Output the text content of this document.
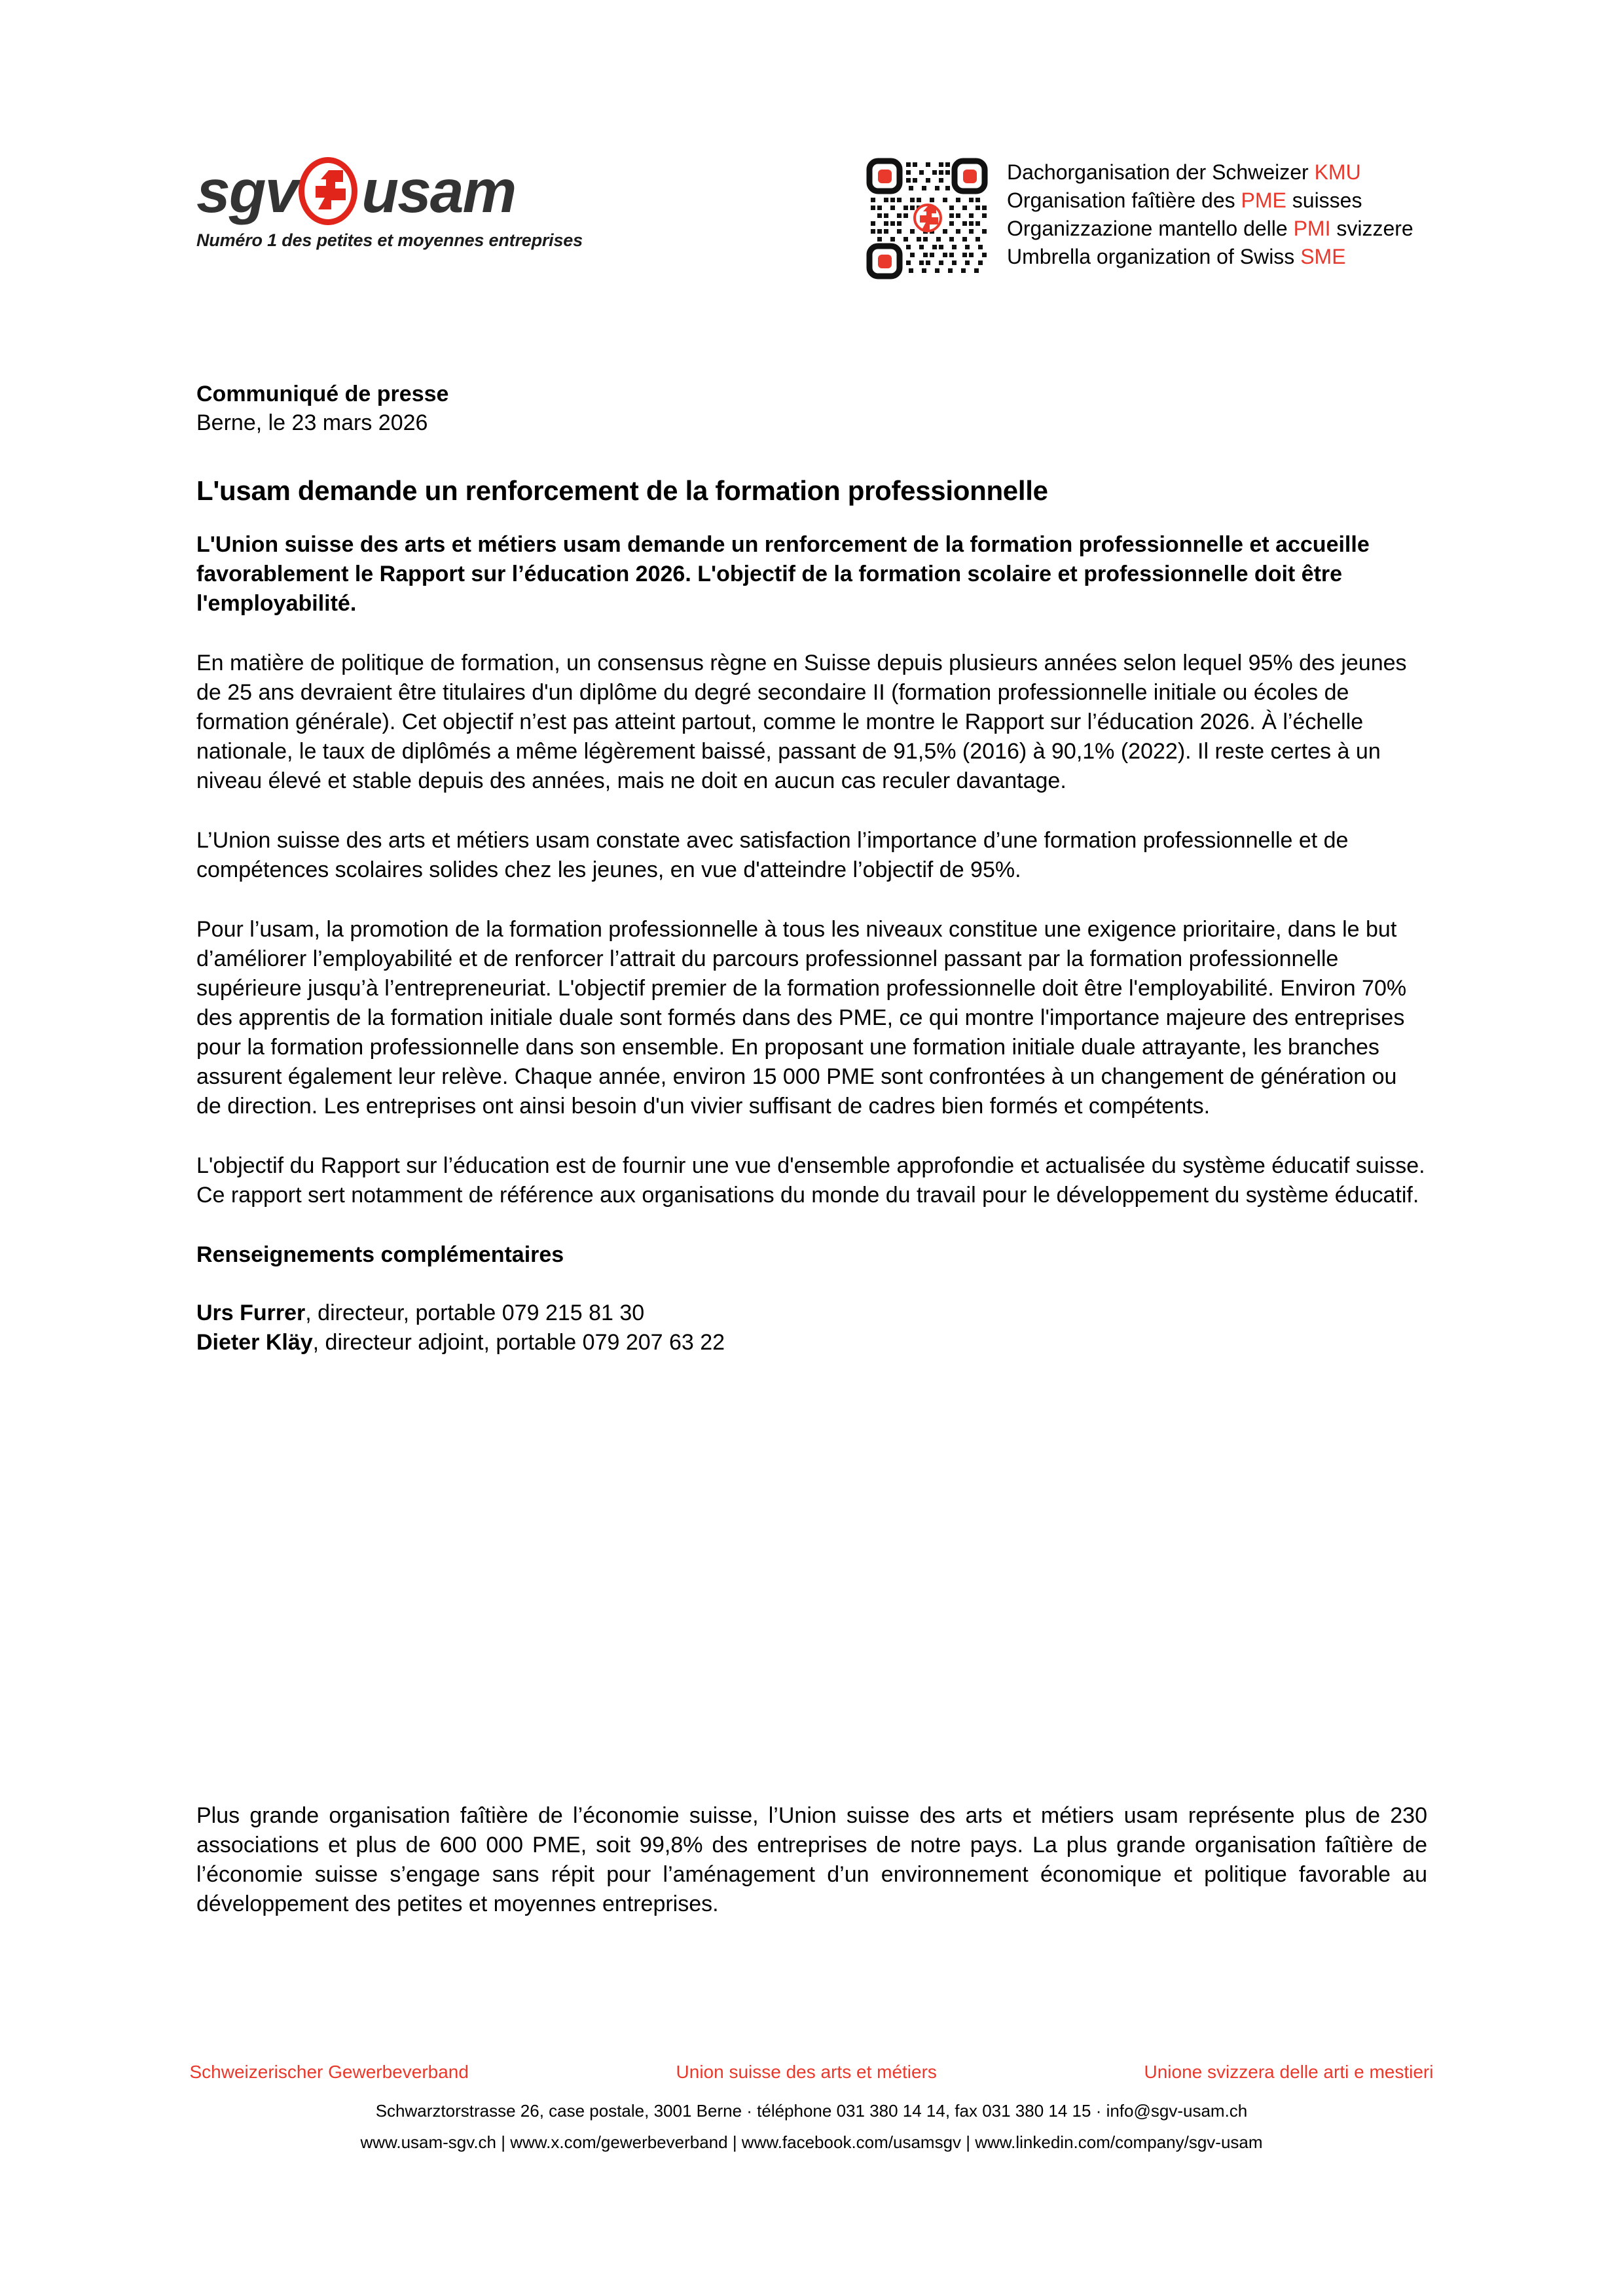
sgv usam
Numéro 1 des petites et moyennes entreprises
Dachorganisation der Schweizer KMU
Organisation faîtière des PME suisses
Organizzazione mantello delle PMI svizzere
Umbrella organization of Swiss SME
Communiqué de presse
Berne, le 23 mars 2026
L'usam demande un renforcement de la formation professionnelle
L'Union suisse des arts et métiers usam demande un renforcement de la formation professionnelle et accueille favorablement le Rapport sur l’éducation 2026. L'objectif de la formation scolaire et professionnelle doit être l'employabilité.

En matière de politique de formation, un consensus règne en Suisse depuis plusieurs années selon lequel 95% des jeunes de 25 ans devraient être titulaires d'un diplôme du degré secondaire II (formation professionnelle initiale ou écoles de formation générale). Cet objectif n’est pas atteint partout, comme le montre le Rapport sur l’éducation 2026. À l’échelle nationale, le taux de diplômés a même légèrement baissé, passant de 91,5% (2016) à 90,1% (2022). Il reste certes à un niveau élevé et stable depuis des années, mais ne doit en aucun cas reculer davantage.

L’Union suisse des arts et métiers usam constate avec satisfaction l’importance d’une formation professionnelle et de compétences scolaires solides chez les jeunes, en vue d'atteindre l’objectif de 95%.

Pour l’usam, la promotion de la formation professionnelle à tous les niveaux constitue une exigence prioritaire, dans le but d’améliorer l’employabilité et de renforcer l’attrait du parcours professionnel passant par la formation professionnelle supérieure jusqu’à l’entrepreneuriat. L'objectif premier de la formation professionnelle doit être l'employabilité. Environ 70% des apprentis de la formation initiale duale sont formés dans des PME, ce qui montre l'importance majeure des entreprises pour la formation professionnelle dans son ensemble. En proposant une formation initiale duale attrayante, les branches assurent également leur relève. Chaque année, environ 15 000 PME sont confrontées à un changement de génération ou de direction. Les entreprises ont ainsi besoin d'un vivier suffisant de cadres bien formés et compétents.

L'objectif du Rapport sur l’éducation est de fournir une vue d'ensemble approfondie et actualisée du système éducatif suisse. Ce rapport sert notamment de référence aux organisations du monde du travail pour le développement du système éducatif.

Renseignements complémentaires
Urs Furrer, directeur, portable 079 215 81 30
Dieter Kläy, directeur adjoint, portable 079 207 63 22
Plus grande organisation faîtière de l’économie suisse, l’Union suisse des arts et métiers usam représente plus de 230 associations et plus de 600 000 PME, soit 99,8% des entreprises de notre pays. La plus grande organisation faîtière de l’économie suisse s’engage sans répit pour l’aménagement d’un environnement économique et politique favorable au développement des petites et moyennes entreprises.
Schweizerischer Gewerbeverband	Union suisse des arts et métiers	Unione svizzera delle arti e mestieri
Schwarztorstrasse 26, case postale, 3001 Berne · téléphone 031 380 14 14, fax 031 380 14 15 · info@sgv-usam.ch
www.usam-sgv.ch | www.x.com/gewerbeverband | www.facebook.com/usamsgv | www.linkedin.com/company/sgv-usam
